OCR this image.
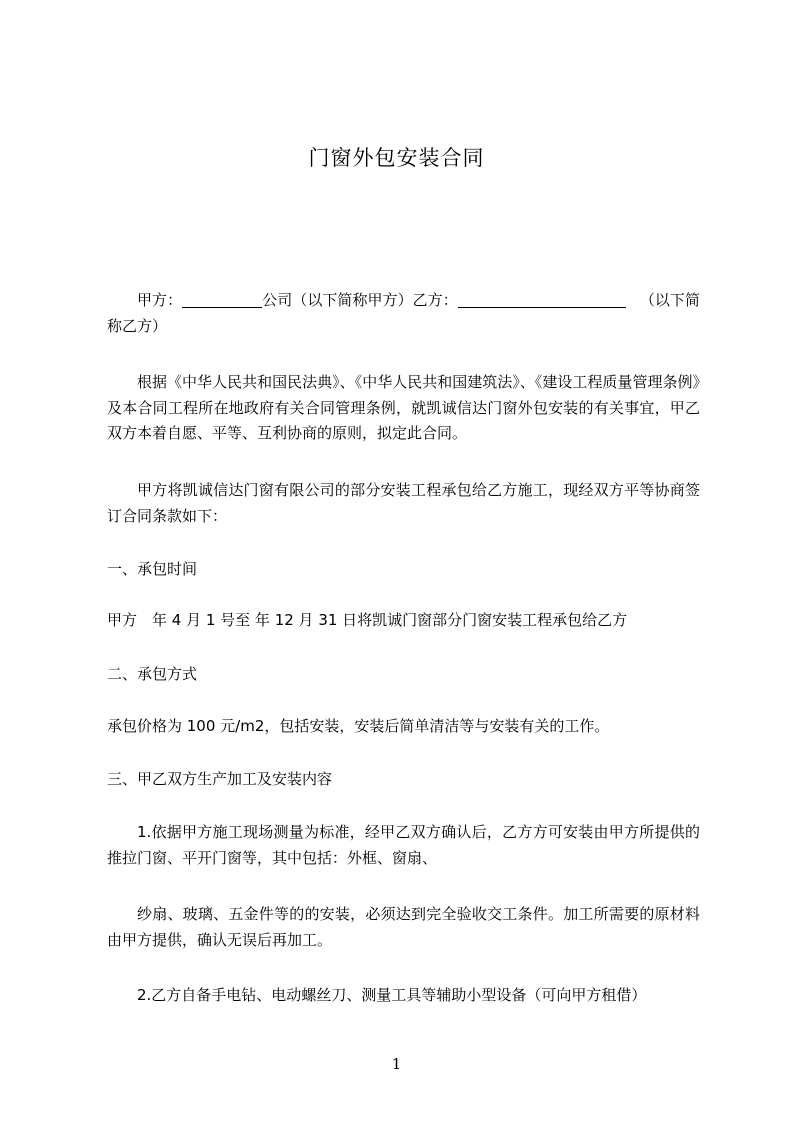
门窗外包安装合同
甲方：	公司（以下简称甲方）乙方：	（以下简称乙方）
根据《中华人民共和国民法典》、《中华人民共和国建筑法》、《建设工程质量管理条例》及本合同工程所在地政府有关合同管理条例，就凯诚信达门窗外包安装的有关事宜，甲乙双方本着自愿、平等、互利协商的原则，拟定此合同。
甲方将凯诚信达门窗有限公司的部分安装工程承包给乙方施工，现经双方平等协商签订合同条款如下：
一、承包时间
甲方　年 4 月 1 号至 年 12 月 31 日将凯诚门窗部分门窗安装工程承包给乙方
二、承包方式
承包价格为 100 元/m2，包括安装，安装后简单清洁等与安装有关的工作。
三、甲乙双方生产加工及安装内容
1.依据甲方施工现场测量为标准，经甲乙双方确认后，乙方方可安装由甲方所提供的推拉门窗、平开门窗等，其中包括：外框、窗扇、
纱扇、玻璃、五金件等的的安装，必须达到完全验收交工条件。加工所需要的原材料由甲方提供，确认无误后再加工。
2.乙方自备手电钻、电动螺丝刀、测量工具等辅助小型设备（可向甲方租借）
1
